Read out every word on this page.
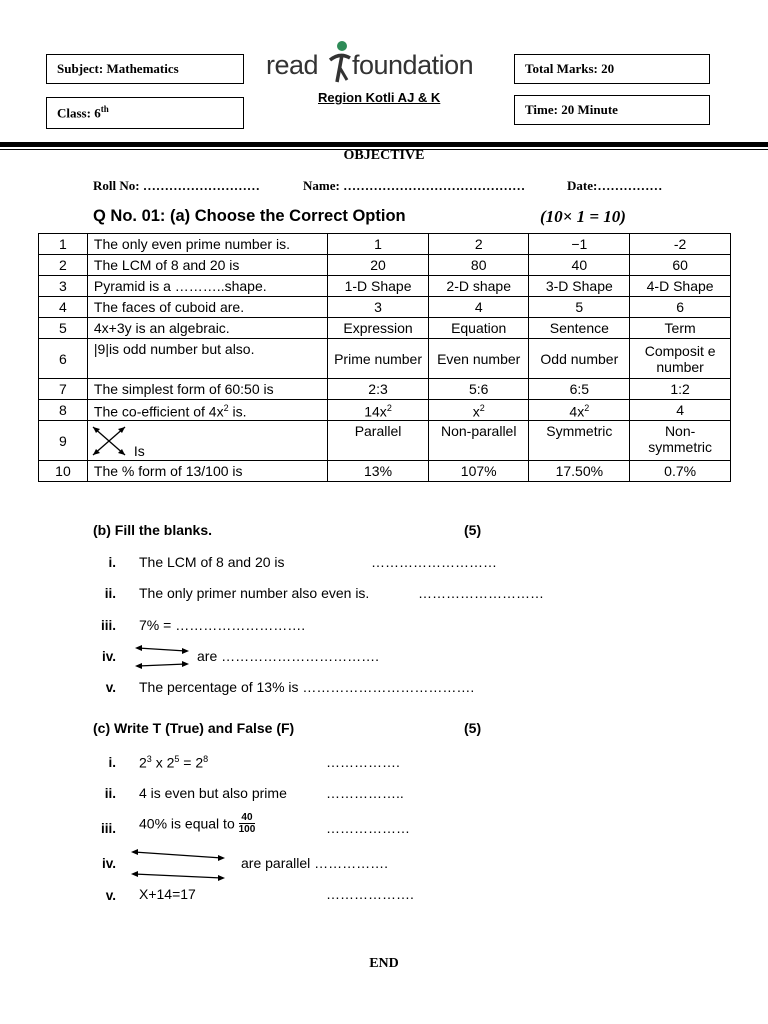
Subject: Mathematics
Class: 6th
Total Marks: 20
Time: 20 Minute
read foundation
Region Kotli AJ & K
OBJECTIVE
Roll No: ………………………	Name: ……………………………………	Date:……………
Q No. 01: (a) Choose the Correct Option	(10× 1 = 10)
1	The only even prime number is.	1	2	−1	-2
2	The LCM of 8 and 20 is	20	80	40	60
3	Pyramid is a ………..shape.	1-D Shape	2-D shape	3-D Shape	4-D Shape
4	The faces of cuboid are.	3	4	5	6
5	4x+3y is an algebraic.	Expression	Equation	Sentence	Term
6	|9|is odd number but also.	Prime number	Even number	Odd number	Composit e number
7	The simplest form of 60:50 is	2:3	5:6	6:5	1:2
8	The co-efficient of $4x^2$ is.	$14x^2$	$x^2$	$4x^2$	4
9	Is	Parallel	Non-parallel	Symmetric	Non-symmetric
10	The % form of 13/100 is	13%	107%	17.50%	0.7%
(b) Fill the blanks.	(5)
i. The LCM of 8 and 20 is	………………………
ii. The only primer number also even is.	………………………
iii. 7% = ……………………….
iv.	are …………………………….
v. The percentage of 13% is ……………………………….
(c) Write T (True) and False (F)	(5)
i. $2^3$ x $2^5 = 2^8$	…………….
ii. 4 is even but also prime	……………..
iii. 40% is equal to $\frac{40}{100}$	………………
iv.	are parallel …………….
v. X+14=17	……………….
END
